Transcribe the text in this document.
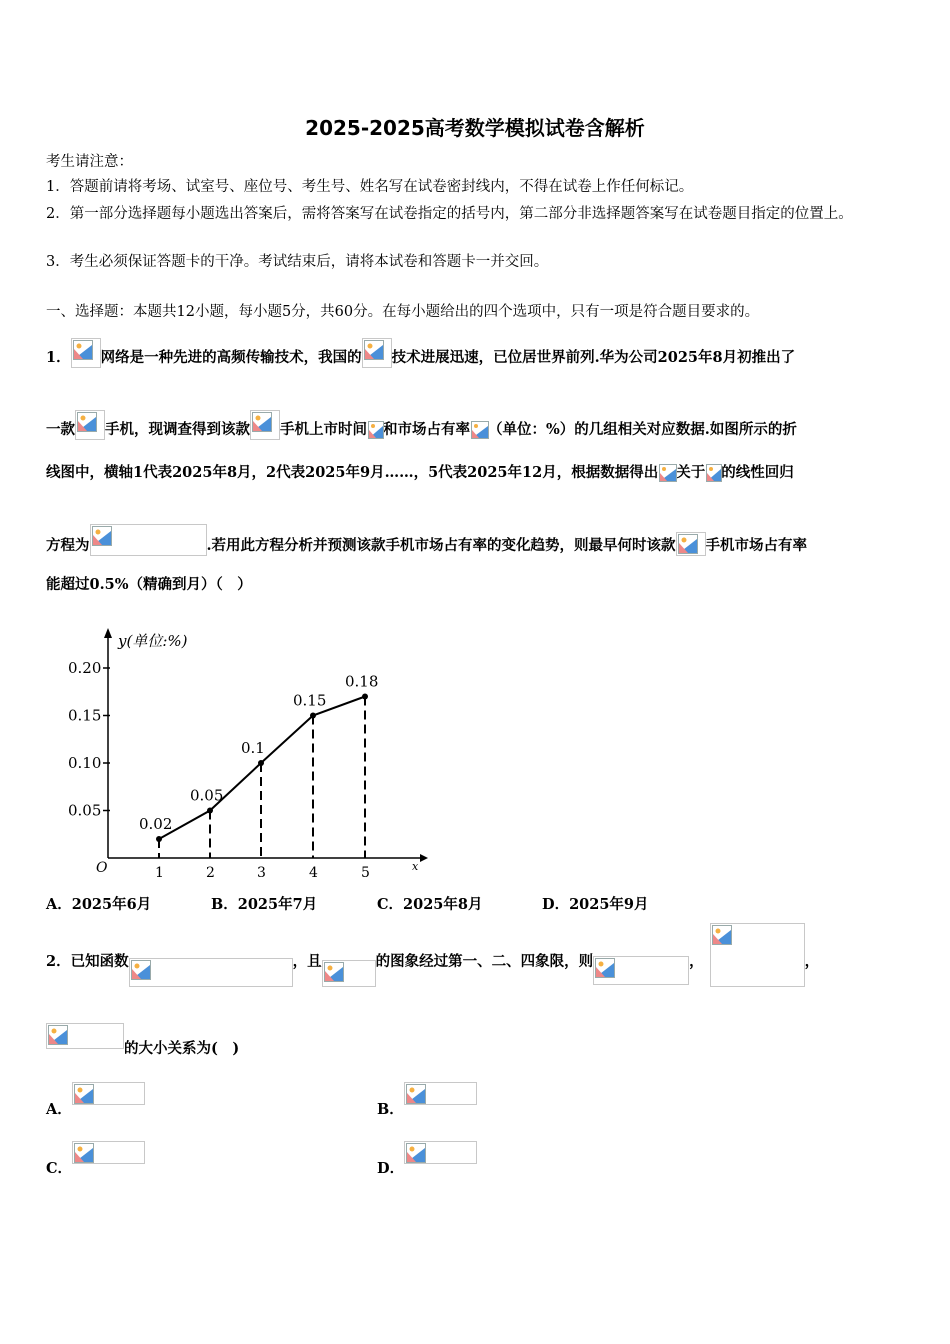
2025-2025高考数学模拟试卷含解析
考生请注意：
1．答题前请将考场、试室号、座位号、考生号、姓名写在试卷密封线内，不得在试卷上作任何标记。
2．第一部分选择题每小题选出答案后，需将答案写在试卷指定的括号内，第二部分非选择题答案写在试卷题目指定的位置上。
3．考生必须保证答题卡的干净。考试结束后，请将本试卷和答题卡一并交回。
一、选择题：本题共12小题，每小题5分，共60分。在每小题给出的四个选项中，只有一项是符合题目要求的。
1． 网络是一种先进的高频传输技术，我国的 技术进展迅速，已位居世界前列.华为公司2025年8月初推出了
一款 手机，现调查得到该款 手机上市时间 和市场占有率 （单位：%）的几组相关对应数据.如图所示的折
线图中，横轴1代表2025年8月，2代表2025年9月……，5代表2025年12月，根据数据得出 关于 的线性回归
方程为	.若用此方程分析并预测该款手机市场占有率的变化趋势，则最早何时该款 手机市场占有率
能超过0.5%（精确到月）（　）
y(单位:%)
x
O
0.05
0.10
0.15
0.20
1	2	3	4	5
0.02
0.05
0.1
0.15
0.18
A．2025年6月	B．2025年7月	C．2025年8月	D．2025年9月
2．已知函数	，且	的图象经过第一、二、四象限，则	，	，
的大小关系为(　)
A．	B．
C．	D．
